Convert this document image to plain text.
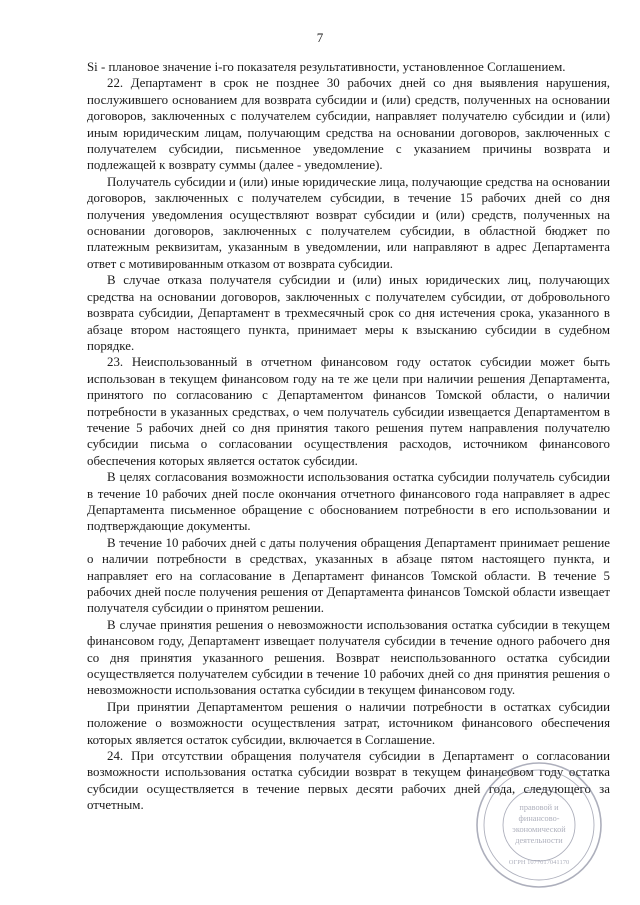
7

Si - плановое значение i-го показателя результативности, установленное Соглашением.

22. Департамент в срок не позднее 30 рабочих дней со дня выявления нарушения, послужившего основанием для возврата субсидии и (или) средств, полученных на основании договоров, заключенных с получателем субсидии, направляет получателю субсидии и (или) иным юридическим лицам, получающим средства на основании договоров, заключенных с получателем субсидии, письменное уведомление с указанием причины возврата и подлежащей к возврату суммы (далее - уведомление).

Получатель субсидии и (или) иные юридические лица, получающие средства на основании договоров, заключенных с получателем субсидии, в течение 15 рабочих дней со дня получения уведомления осуществляют возврат субсидии и (или) средств, полученных на основании договоров, заключенных с получателем субсидии, в областной бюджет по платежным реквизитам, указанным в уведомлении, или направляют в адрес Департамента ответ с мотивированным отказом от возврата субсидии.

В случае отказа получателя субсидии и (или) иных юридических лиц, получающих средства на основании договоров, заключенных с получателем субсидии, от добровольного возврата субсидии, Департамент в трехмесячный срок со дня истечения срока, указанного в абзаце втором настоящего пункта, принимает меры к взысканию субсидии в судебном порядке.

23. Неиспользованный в отчетном финансовом году остаток субсидии может быть использован в текущем финансовом году на те же цели при наличии решения Департамента, принятого по согласованию с Департаментом финансов Томской области, о наличии потребности в указанных средствах, о чем получатель субсидии извещается Департаментом в течение 5 рабочих дней со дня принятия такого решения путем направления получателю субсидии письма о согласовании осуществления расходов, источником финансового обеспечения которых является остаток субсидии.

В целях согласования возможности использования остатка субсидии получатель субсидии в течение 10 рабочих дней после окончания отчетного финансового года направляет в адрес Департамента письменное обращение с обоснованием потребности в его использовании и подтверждающие документы.

В течение 10 рабочих дней с даты получения обращения Департамент принимает решение о наличии потребности в средствах, указанных в абзаце пятом настоящего пункта, и направляет его на согласование в Департамент финансов Томской области. В течение 5 рабочих дней после получения решения от Департамента финансов Томской области извещает получателя субсидии о принятом решении.

В случае принятия решения о невозможности использования остатка субсидии в текущем финансовом году, Департамент извещает получателя субсидии в течение одного рабочего дня со дня принятия указанного решения. Возврат неиспользованного остатка субсидии осуществляется получателем субсидии в течение 10 рабочих дней со дня принятия решения о невозможности использования остатка субсидии в текущем финансовом году.

При принятии Департаментом решения о наличии потребности в остатках субсидии положение о возможности осуществления затрат, источником финансового обеспечения которых является остаток субсидии, включается в Соглашение.

24. При отсутствии обращения получателя субсидии в Департамент о согласовании возможности использования остатка субсидии возврат в текущем финансовом году остатка субсидии осуществляется в течение первых десяти рабочих дней года, следующего за отчетным.	правовой и
финансово-
экономической
деятельности
ОГРН 1077017041170
